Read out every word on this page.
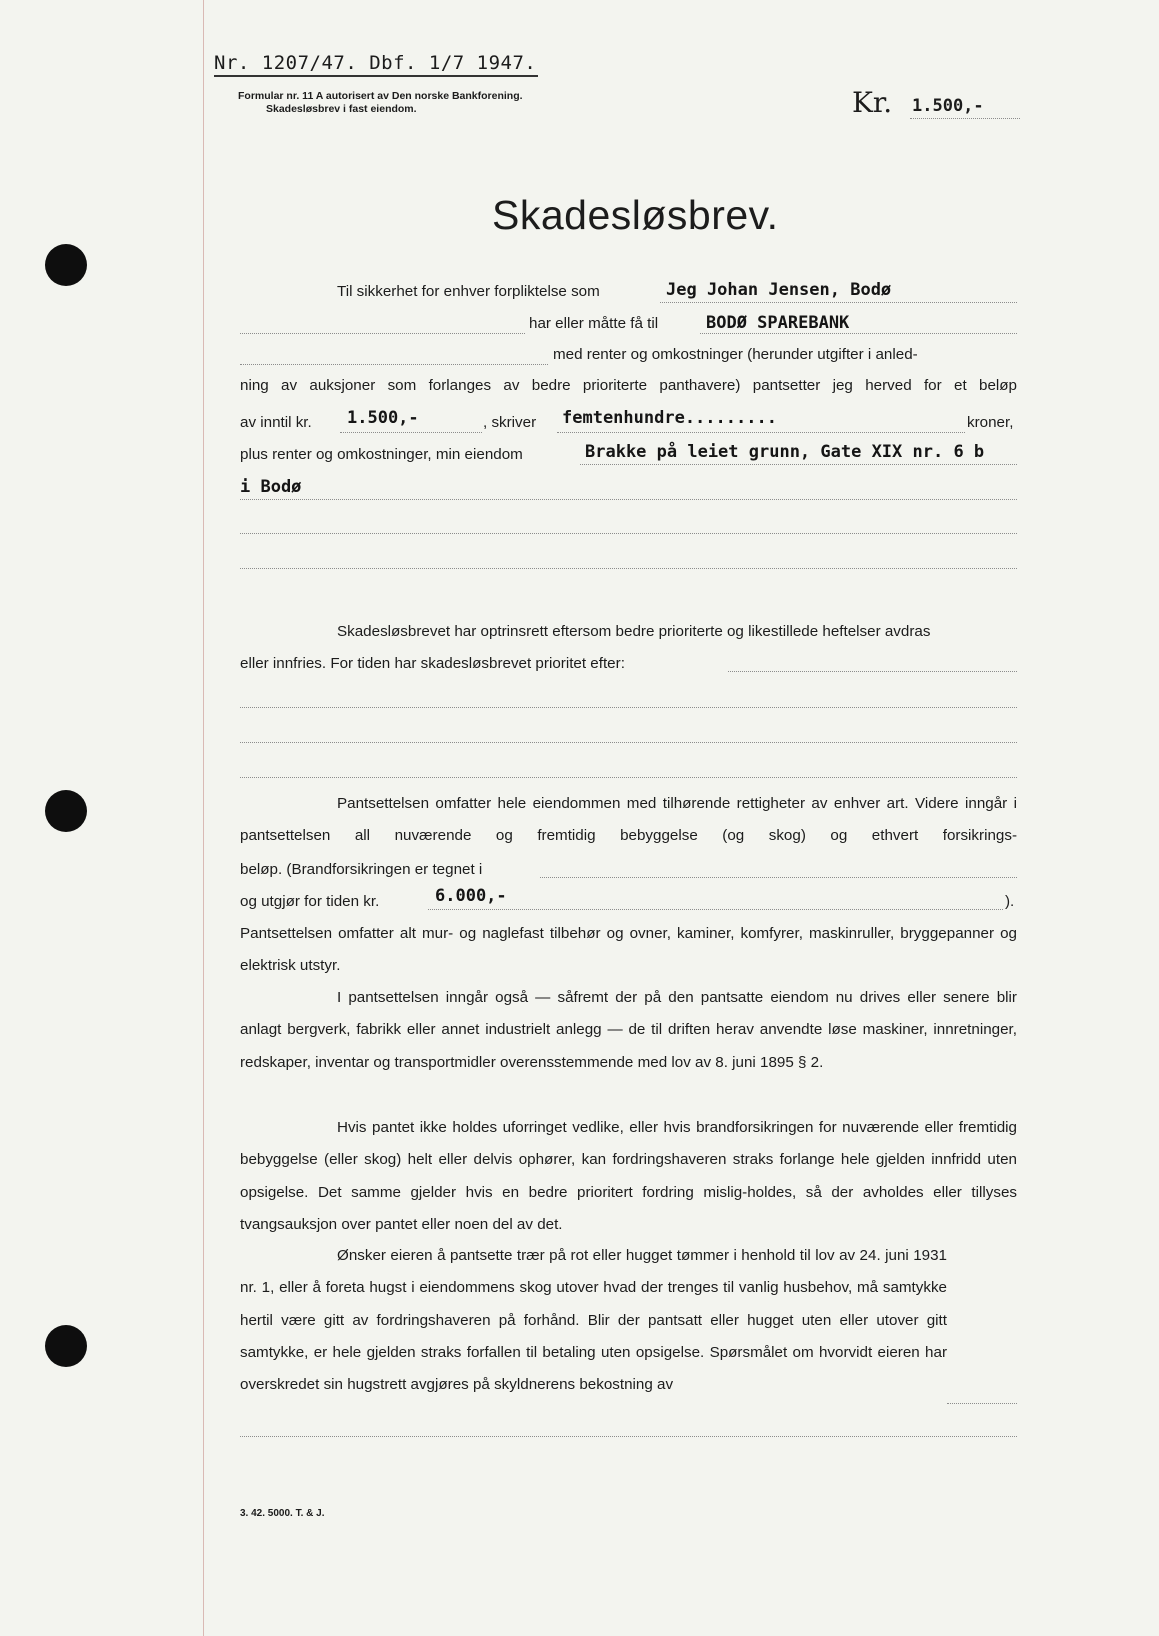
Nr. 1207/47. Dbf. 1/7 1947.
Formular nr. 11 A autorisert av Den norske Bankforening.
Skadesløsbrev i fast eiendom.	Kr. 1.500,-
Skadesløsbrev.
Til sikkerhet for enhver forpliktelse som	Jeg Johan Jensen, Bodø
har eller måtte få til	BODØ SPAREBANK
med renter og omkostninger (herunder utgifter i anled-

ning av auksjoner som forlanges av bedre prioriterte panthavere) pantsetter jeg herved for et beløp

av inntil kr. 1.500,-	, skriver femtenhundre.........	kroner,
plus renter og omkostninger, min eiendom	Brakke på leiet grunn, Gate XIX nr. 6 b
i Bodø
Skadesløsbrevet har optrinsrett eftersom bedre prioriterte og likestillede heftelser avdras
eller innfries. For tiden har skadesløsbrevet prioritet efter:

Pantsettelsen omfatter hele eiendommen med tilhørende rettigheter av enhver art. Videre inngår i pantsettelsen all nuværende og fremtidig bebyggelse (og skog) og ethvert forsikrings-

beløp. (Brandforsikringen er tegnet i
og utgjør for tiden kr.	6.000,-	).

Pantsettelsen omfatter alt mur- og naglefast tilbehør og ovner, kaminer, komfyrer, maskinruller, bryggepanner og elektrisk utstyr.

I pantsettelsen inngår også — såfremt der på den pantsatte eiendom nu drives eller senere blir anlagt bergverk, fabrikk eller annet industrielt anlegg — de til driften herav anvendte løse maskiner, innretninger, redskaper, inventar og transportmidler overensstemmende med lov av 8. juni 1895 § 2.

Hvis pantet ikke holdes uforringet vedlike, eller hvis brandforsikringen for nuværende eller fremtidig bebyggelse (eller skog) helt eller delvis ophører, kan fordringshaveren straks forlange hele gjelden innfridd uten opsigelse. Det samme gjelder hvis en bedre prioritert fordring mislig-holdes, så der avholdes eller tillyses tvangsauksjon over pantet eller noen del av det.

Ønsker eieren å pantsette trær på rot eller hugget tømmer i henhold til lov av 24. juni 1931 nr. 1, eller å foreta hugst i eiendommens skog utover hvad der trenges til vanlig husbehov, må samtykke hertil være gitt av fordringshaveren på forhånd. Blir der pantsatt eller hugget uten eller utover gitt samtykke, er hele gjelden straks forfallen til betaling uten opsigelse. Spørsmålet om hvorvidt eieren har overskredet sin hugstrett avgjøres på skyldnerens bekostning av

3. 42. 5000. T. & J.
